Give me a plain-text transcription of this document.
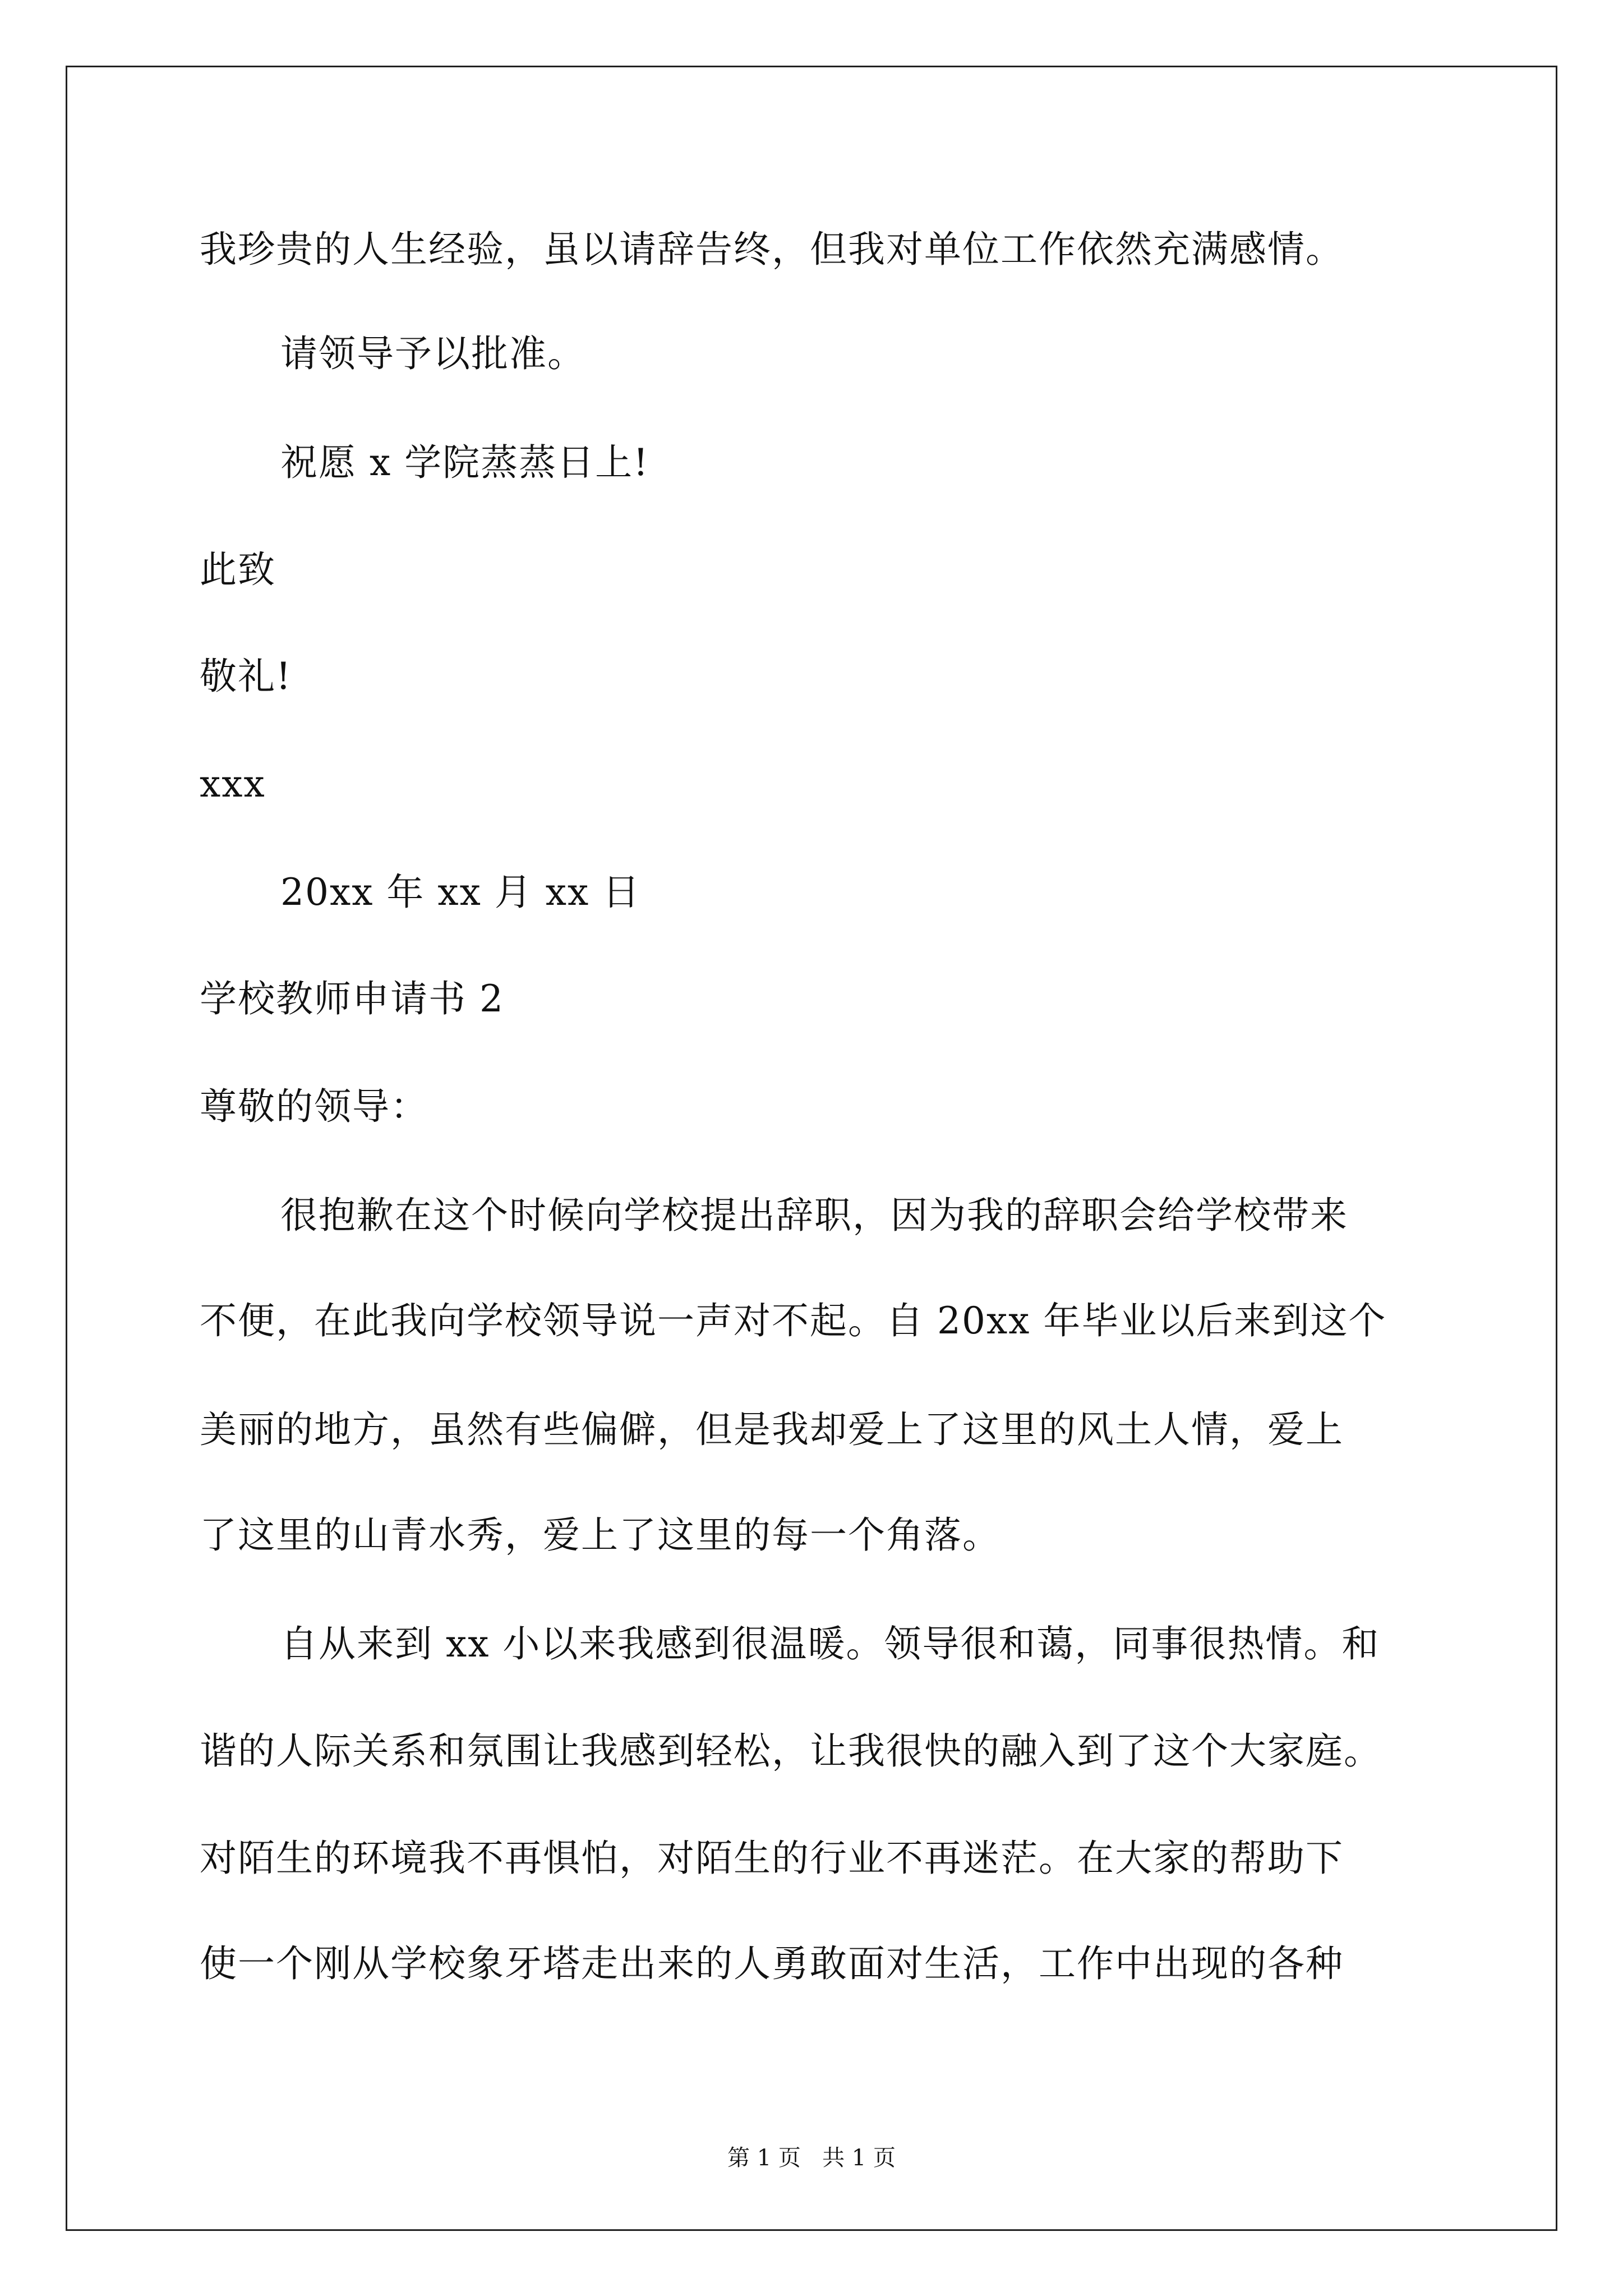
我珍贵的人生经验，虽以请辞告终，但我对单位工作依然充满感情。
请领导予以批准。
祝愿 x 学院蒸蒸日上!
此致
敬礼!
xxx
20xx 年 xx 月 xx 日
学校教师申请书 2
尊敬的领导：
很抱歉在这个时候向学校提出辞职，因为我的辞职会给学校带来
不便，在此我向学校领导说一声对不起。自 20xx 年毕业以后来到这个
美丽的地方，虽然有些偏僻，但是我却爱上了这里的风土人情，爱上
了这里的山青水秀，爱上了这里的每一个角落。
自从来到 xx 小以来我感到很温暖。领导很和蔼，同事很热情。和
谐的人际关系和氛围让我感到轻松，让我很快的融入到了这个大家庭。
对陌生的环境我不再惧怕，对陌生的行业不再迷茫。在大家的帮助下
使一个刚从学校象牙塔走出来的人勇敢面对生活，工作中出现的各种
第 1 页   共 1 页
